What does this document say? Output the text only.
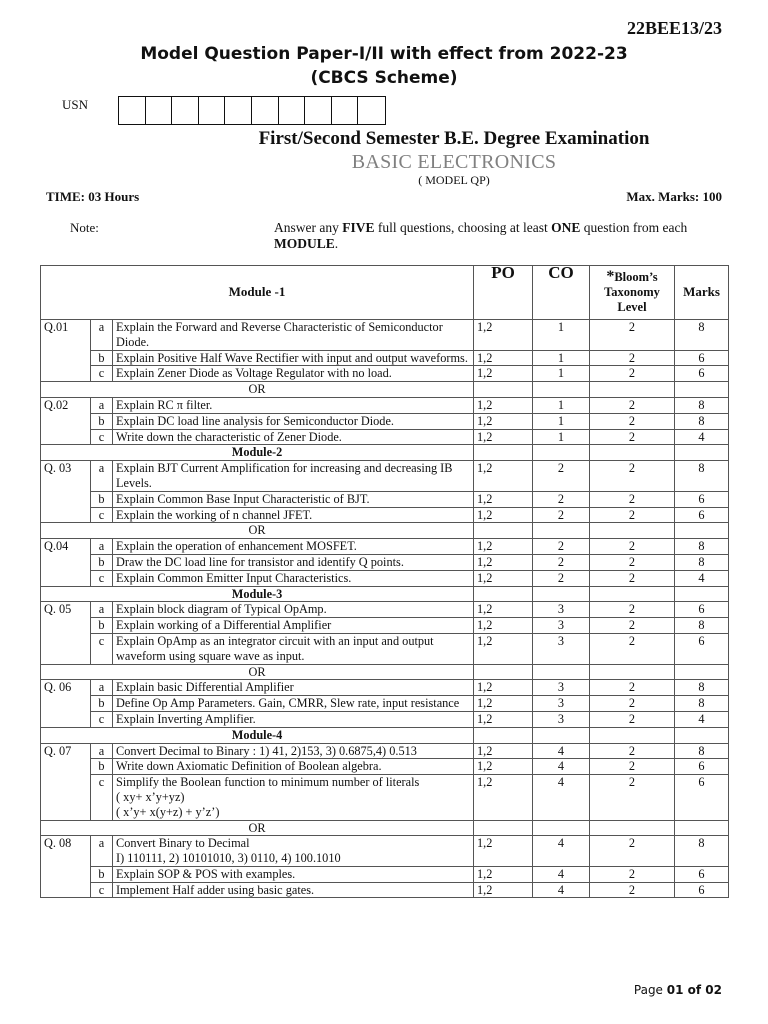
22BEE13/23
Model Question Paper-I/II with effect from 2022-23
(CBCS Scheme)
USN
First/Second Semester B.E. Degree Examination
BASIC ELECTRONICS
( MODEL QP)
TIME: 03 Hours	Max. Marks: 100
Note:	Answer any FIVE full questions, choosing at least ONE question from each MODULE.
Module -1			PO	CO	*Bloom’s Taxonomy Level	Marks
Q.01	a	Explain the Forward and Reverse Characteristic of Semiconductor Diode.	1,2	1	2	8
	b	Explain Positive Half Wave Rectifier with input and output waveforms.	1,2	1	2	6
	c	Explain Zener Diode as Voltage Regulator with no load.	1,2	1	2	6
OR						
Q.02	a	Explain RC π filter.	1,2	1	2	8
	b	Explain DC load line analysis for Semiconductor Diode.	1,2	1	2	8
	c	Write down the characteristic of Zener Diode.	1,2	1	2	4
Module-2						
Q. 03	a	Explain BJT Current Amplification for increasing and decreasing IB Levels.	1,2	2	2	8
	b	Explain Common Base Input Characteristic of BJT.	1,2	2	2	6
	c	Explain the working of n channel JFET.	1,2	2	2	6
OR						
Q.04	a	Explain the operation of enhancement MOSFET.	1,2	2	2	8
	b	Draw the DC load line for transistor and identify Q points.	1,2	2	2	8
	c	Explain Common Emitter Input Characteristics.	1,2	2	2	4
Module-3						
Q. 05	a	Explain block diagram of Typical OpAmp.	1,2	3	2	6
	b	Explain working of a Differential Amplifier	1,2	3	2	8
	c	Explain OpAmp as an integrator circuit with an input and output waveform using square wave as input.	1,2	3	2	6
OR						
Q. 06	a	Explain basic Differential Amplifier	1,2	3	2	8
	b	Define Op Amp Parameters. Gain, CMRR, Slew rate, input resistance	1,2	3	2	8
	c	Explain Inverting Amplifier.	1,2	3	2	4
Module-4						
Q. 07	a	Convert Decimal to Binary : 1) 41, 2)153, 3) 0.6875,4) 0.513	1,2	4	2	8
	b	Write down Axiomatic Definition of Boolean algebra.	1,2	4	2	6
	c	Simplify the Boolean function to minimum number of literals
( xy+ x’y+yz)
( x’y+ x(y+z) + y’z’)	1,2	4	2	6
OR						
Q. 08	a	Convert Binary to Decimal
I) 110111, 2) 10101010, 3) 0110, 4) 100.1010	1,2	4	2	8
	b	Explain SOP & POS with examples.	1,2	4	2	6
	c	Implement Half adder using basic gates.	1,2	4	2	6
Page 01 of 02
